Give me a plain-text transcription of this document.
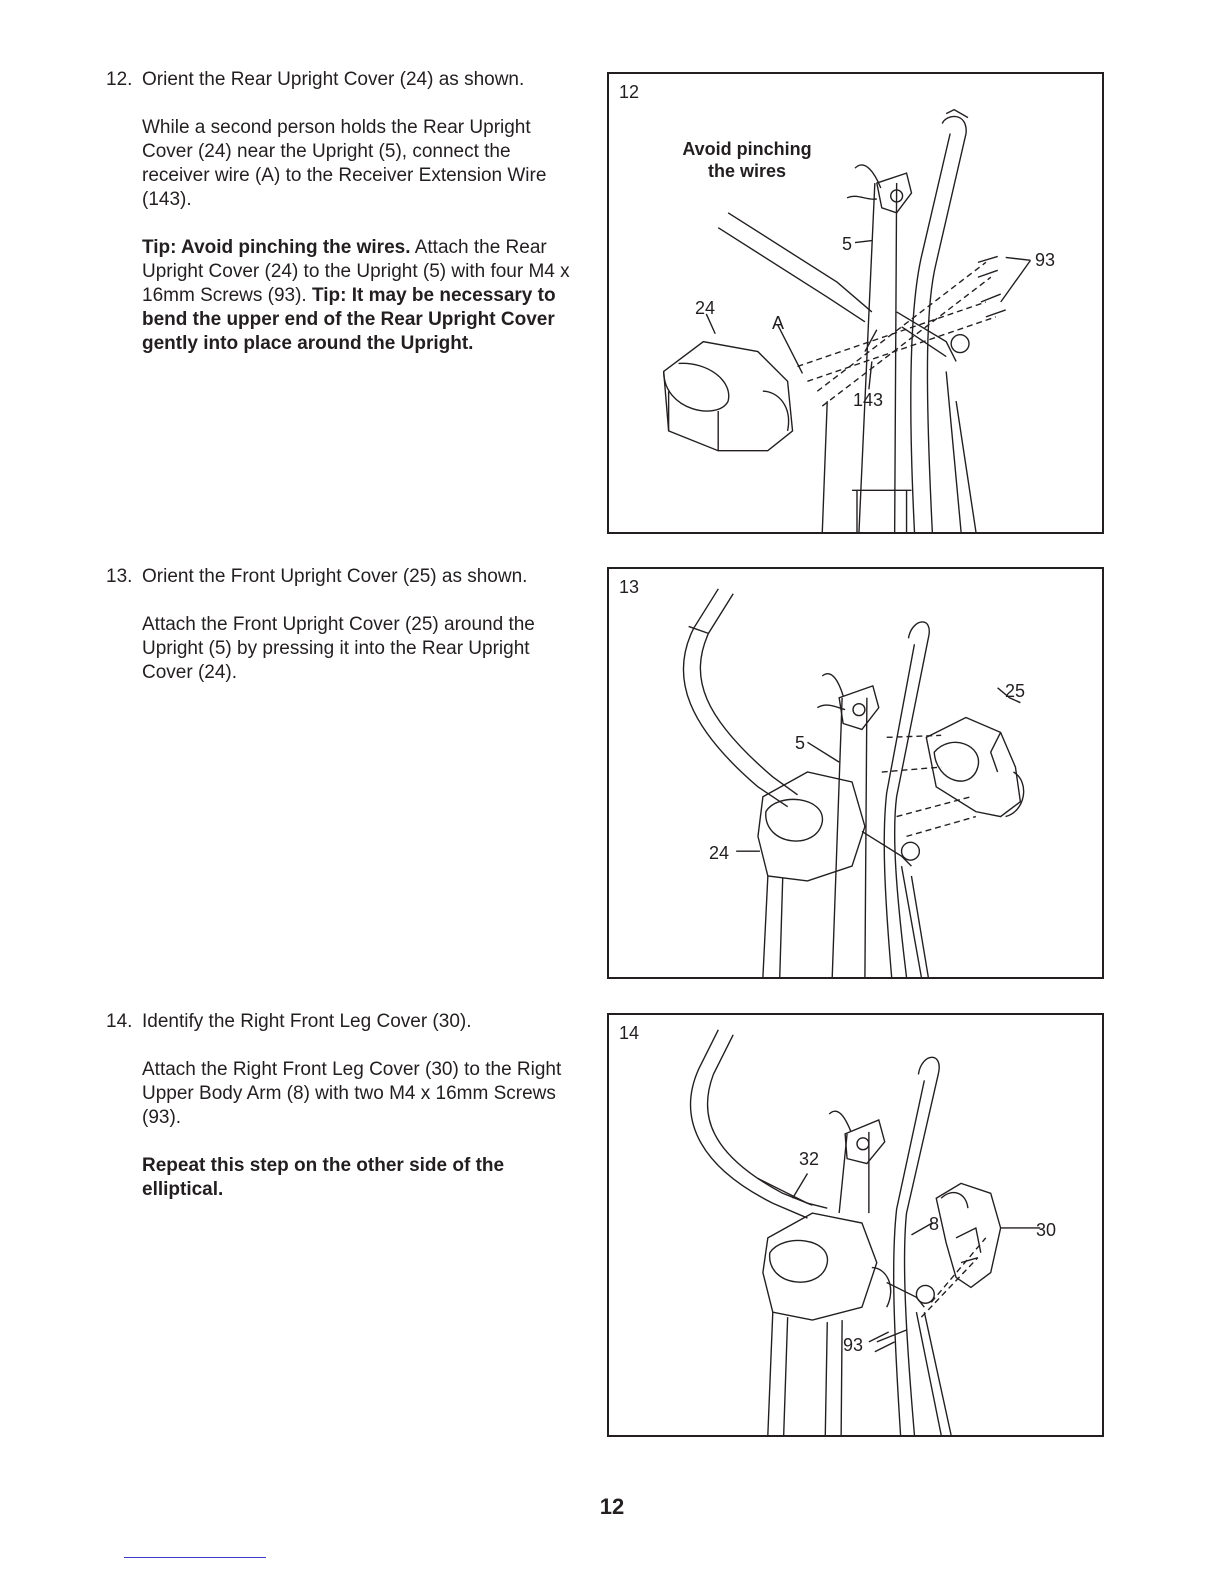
12. Orient the Rear Upright Cover (24) as shown.

While a second person holds the Rear Upright Cover (24) near the Upright (5), connect the receiver wire (A) to the Receiver Extension Wire (143).

Tip: Avoid pinching the wires. Attach the Rear Upright Cover (24) to the Upright (5) with four M4 x 16mm Screws (93). Tip: It may be necessary to bend the upper end of the Rear Upright Cover gently into place around the Upright.

13. Orient the Front Upright Cover (25) as shown.

Attach the Front Upright Cover (25) around the Upright (5) by pressing it into the Rear Upright Cover (24).

14. Identify the Right Front Leg Cover (30).

Attach the Right Front Leg Cover (30) to the Right Upper Body Arm (8) with two M4 x 16mm Screws (93).

Repeat this step on the other side of the elliptical.

12
Avoid pinching
the wires
5
93
24
A
143
13
25
5
24
14
32
8	30
93
12
